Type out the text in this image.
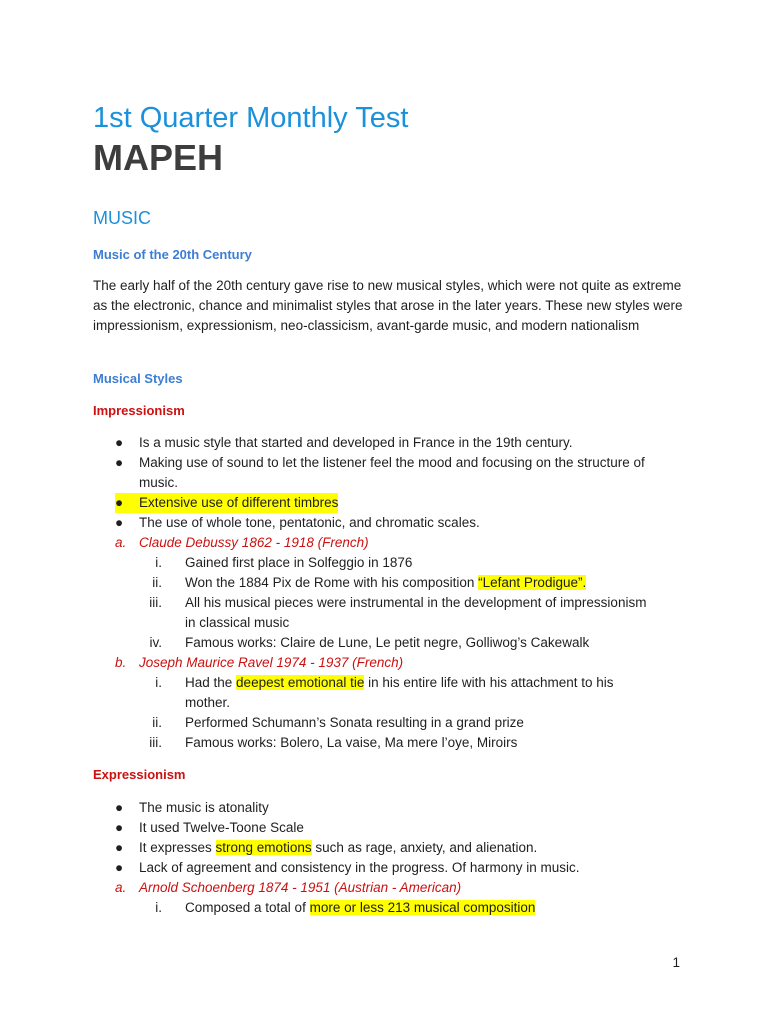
1st Quarter Monthly Test
MAPEH
MUSIC
Music of the 20th Century

The early half of the 20th century gave rise to new musical styles, which were not quite as extreme as the electronic, chance and minimalist styles that arose in the later years. These new styles were impressionism, expressionism, neo-classicism, avant-garde music, and modern nationalism

Musical Styles
Impressionism
● Is a music style that started and developed in France in the 19th century.
● Making use of sound to let the listener feel the mood and focusing on the structure of
music.
●	Extensive use of different timbres
● The use of whole tone, pentatonic, and chromatic scales.
a. Claude Debussy 1862 - 1918 (French)
i. Gained first place in Solfeggio in 1876
ii. Won the 1884 Pix de Rome with his composition “Lefant Prodigue”.
iii. All his musical pieces were instrumental in the development of impressionism
in classical music
iv. Famous works: Claire de Lune, Le petit negre, Golliwog’s Cakewalk
b. Joseph Maurice Ravel 1974 - 1937 (French)
i. Had the deepest emotional tie in his entire life with his attachment to his
mother.
ii. Performed Schumann’s Sonata resulting in a grand prize
iii. Famous works: Bolero, La vaise, Ma mere l’oye, Miroirs
Expressionism
● The music is atonality
● It used Twelve-Toone Scale
● It expresses strong emotions such as rage, anxiety, and alienation.
● Lack of agreement and consistency in the progress. Of harmony in music.
a. Arnold Schoenberg 1874 - 1951 (Austrian - American)
i. Composed a total of more or less 213 musical composition
1
